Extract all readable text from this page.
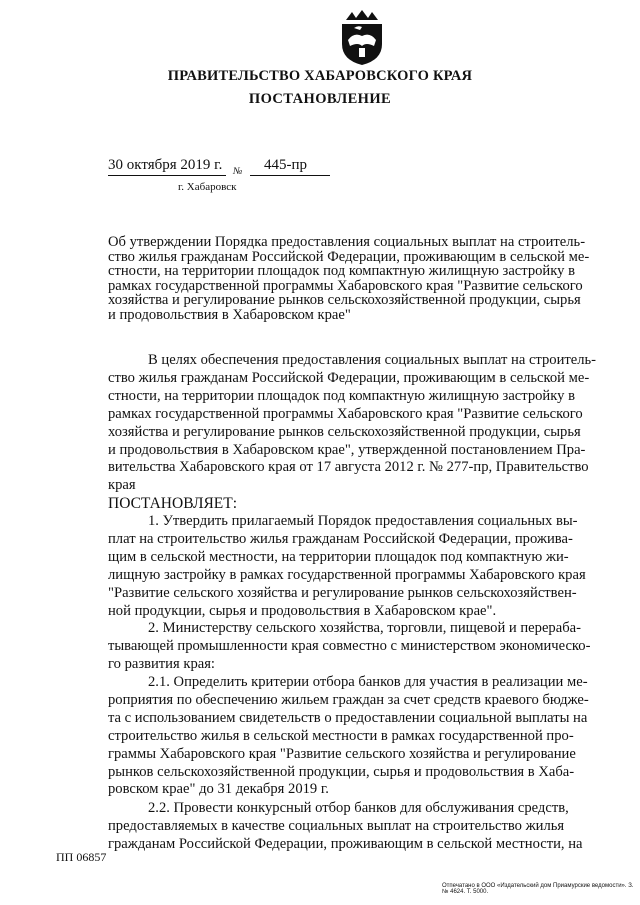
ПРАВИТЕЛЬСТВО ХАБАРОВСКОГО КРАЯ
ПОСТАНОВЛЕНИЕ
30 октября 2019 г. № 445-пр
г. Хабаровск
Об утверждении Порядка предоставления социальных выплат на строитель-
ство жилья гражданам Российской Федерации, проживающим в сельской ме-
стности, на территории площадок под компактную жилищную застройку в
рамках государственной программы Хабаровского края "Развитие сельского
хозяйства и регулирование рынков сельскохозяйственной продукции, сырья
и продовольствия в Хабаровском крае"
В целях обеспечения предоставления социальных выплат на строитель-
ство жилья гражданам Российской Федерации, проживающим в сельской ме-
стности, на территории площадок под компактную жилищную застройку в
рамках государственной программы Хабаровского края "Развитие сельского
хозяйства и регулирование рынков сельскохозяйственной продукции, сырья
и продовольствия в Хабаровском крае", утвержденной постановлением Пра-
вительства Хабаровского края от 17 августа 2012 г. № 277-пр, Правительство
края
ПОСТАНОВЛЯЕТ:
1. Утвердить прилагаемый Порядок предоставления социальных вы-
плат на строительство жилья гражданам Российской Федерации, прожива-
щим в сельской местности, на территории площадок под компактную жи-
лищную застройку в рамках государственной программы Хабаровского края
"Развитие сельского хозяйства и регулирование рынков сельскохозяйствен-
ной продукции, сырья и продовольствия в Хабаровском крае".
2. Министерству сельского хозяйства, торговли, пищевой и перераба-
тывающей промышленности края совместно с министерством экономическо-
го развития края:
2.1. Определить критерии отбора банков для участия в реализации ме-
роприятия по обеспечению жильем граждан за счет средств краевого бюдже-
та с использованием свидетельств о предоставлении социальной выплаты на
строительство жилья в сельской местности в рамках государственной про-
граммы Хабаровского края "Развитие сельского хозяйства и регулирование
рынков сельскохозяйственной продукции, сырья и продовольствия в Хаба-
ровском крае" до 31 декабря 2019 г.
2.2. Провести конкурсный отбор банков для обслуживания средств,
предоставляемых в качестве социальных выплат на строительство жилья
гражданам Российской Федерации, проживающим в сельской местности, на
ПП 06857
Отпечатано в ООО «Издательский дом Приамурские ведомости». З. № 4624. Т. 5000.
